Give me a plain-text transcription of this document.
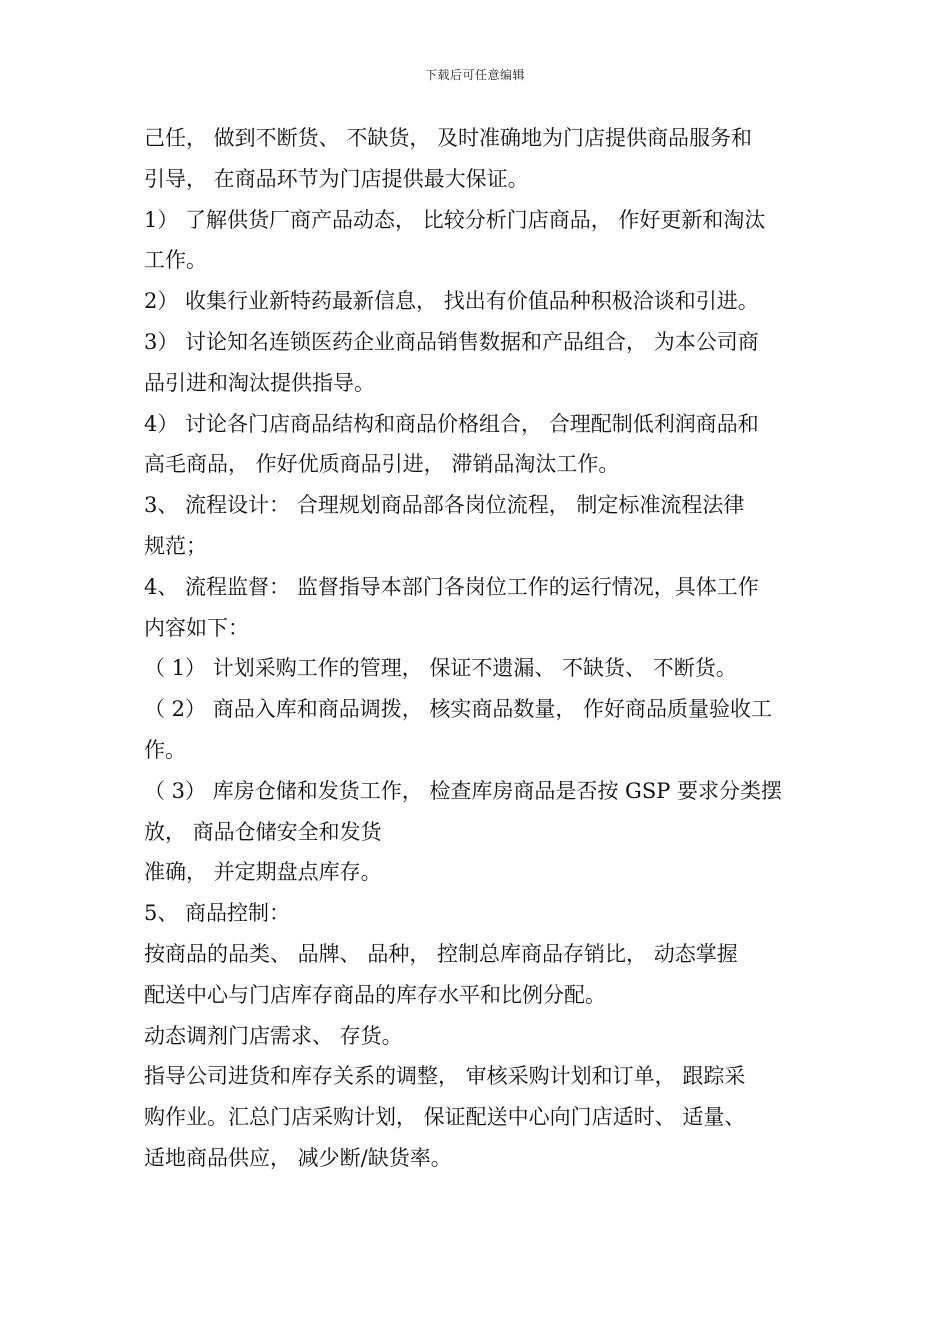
下载后可任意编辑
己任， 做到不断货、 不缺货， 及时准确地为门店提供商品服务和
引导， 在商品环节为门店提供最大保证。
1） 了解供货厂商产品动态， 比较分析门店商品， 作好更新和淘汰
工作。
2） 收集行业新特药最新信息， 找出有价值品种积极洽谈和引进。
3） 讨论知名连锁医药企业商品销售数据和产品组合， 为本公司商
品引进和淘汰提供指导。
4） 讨论各门店商品结构和商品价格组合， 合理配制低利润商品和
高毛商品， 作好优质商品引进， 滞销品淘汰工作。
3、 流程设计： 合理规划商品部各岗位流程， 制定标准流程法律
规范；
4、 流程监督： 监督指导本部门各岗位工作的运行情况，具体工作
内容如下：
（ 1） 计划采购工作的管理， 保证不遗漏、 不缺货、 不断货。
（ 2） 商品入库和商品调拨， 核实商品数量， 作好商品质量验收工
作。
（ 3） 库房仓储和发货工作， 检查库房商品是否按 GSP 要求分类摆
放， 商品仓储安全和发货
准确， 并定期盘点库存。
5、 商品控制：
按商品的品类、 品牌、 品种， 控制总库商品存销比， 动态掌握
配送中心与门店库存商品的库存水平和比例分配。
动态调剂门店需求、 存货。
指导公司进货和库存关系的调整， 审核采购计划和订单， 跟踪采
购作业。汇总门店采购计划， 保证配送中心向门店适时、 适量、
适地商品供应， 减少断/缺货率。
